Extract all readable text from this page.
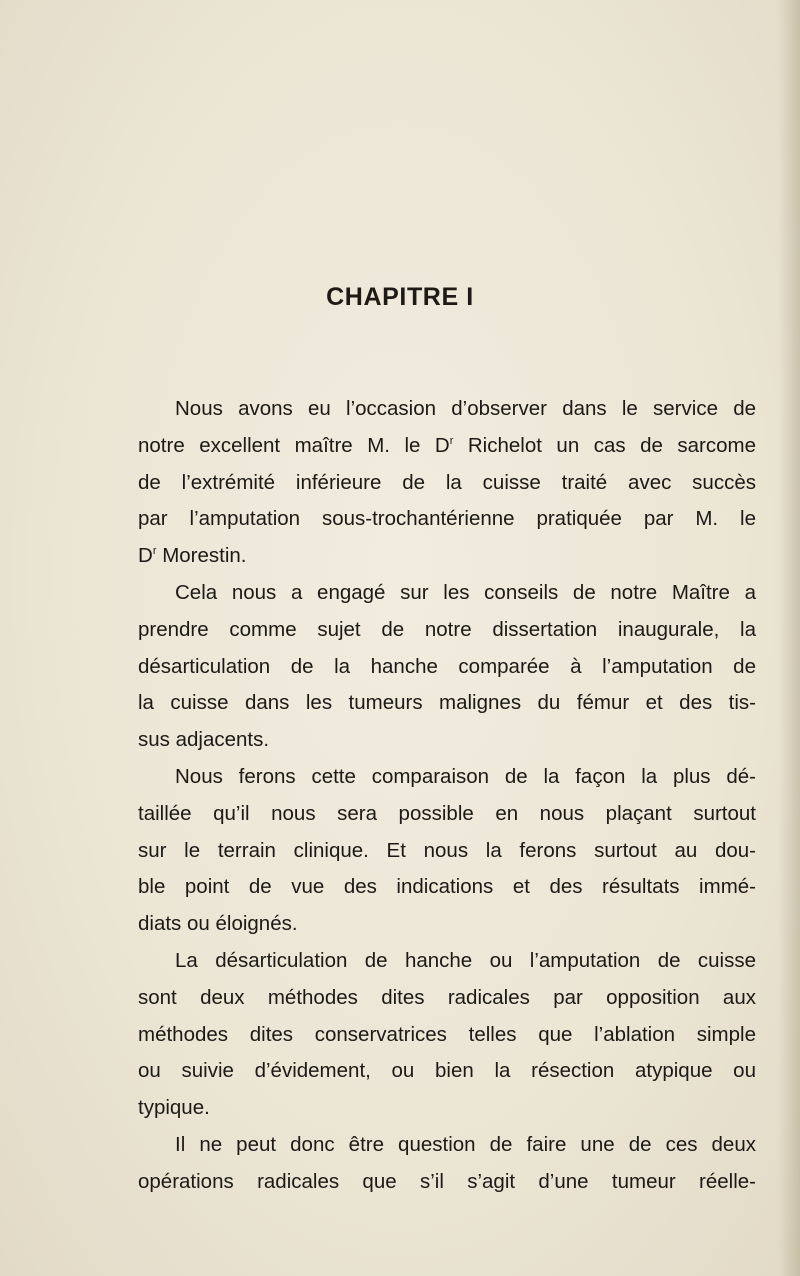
CHAPITRE I
Nous avons eu l’occasion d’observer dans le service de
notre excellent maître M. le $D^r$ Richelot un cas de sarcome
de l’extrémité inférieure de la cuisse traité avec succès
par l’amputation sous-trochantérienne pratiquée par M. le
$D^r$ Morestin.
Cela nous a engagé sur les conseils de notre Maître a
prendre comme sujet de notre dissertation inaugurale, la
désarticulation de la hanche comparée à l’amputation de
la cuisse dans les tumeurs malignes du fémur et des tis-
sus adjacents.
Nous ferons cette comparaison de la façon la plus dé-
taillée qu’il nous sera possible en nous plaçant surtout
sur le terrain clinique. Et nous la ferons surtout au dou-
ble point de vue des indications et des résultats immé-
diats ou éloignés.
La désarticulation de hanche ou l’amputation de cuisse
sont deux méthodes dites radicales par opposition aux
méthodes dites conservatrices telles que l’ablation simple
ou suivie d’évidement, ou bien la résection atypique ou
typique.
Il ne peut donc être question de faire une de ces deux
opérations radicales que s’il s’agit d’une tumeur réelle-
